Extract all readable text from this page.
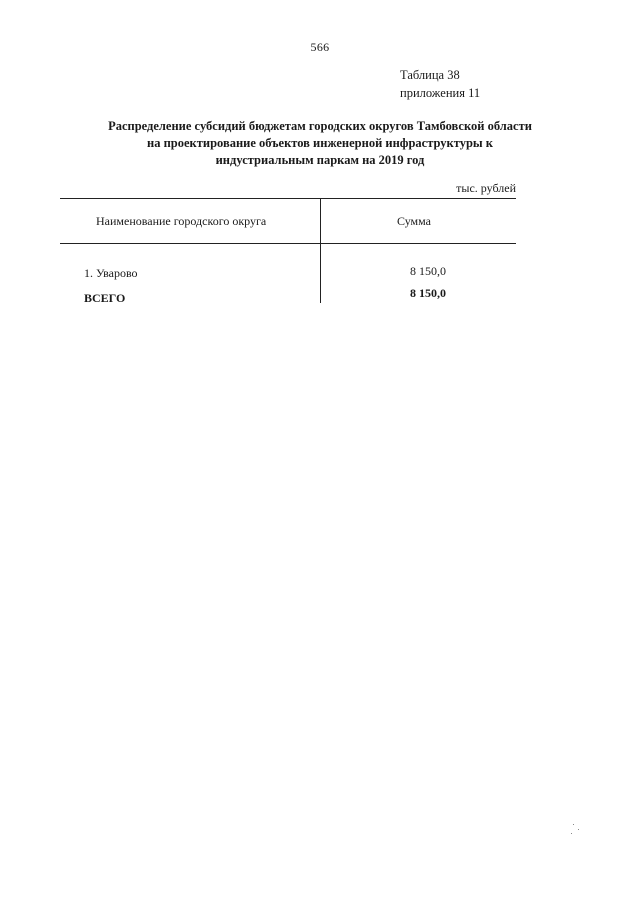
566
Таблица 38
приложения 11
Распределение субсидий бюджетам городских округов Тамбовской области
на проектирование объектов инженерной инфраструктуры к
индустриальным паркам на 2019 год
тыс. рублей
Наименование городского округа	Сумма
1. Уварово	8 150,0
ВСЕГО	8 150,0
